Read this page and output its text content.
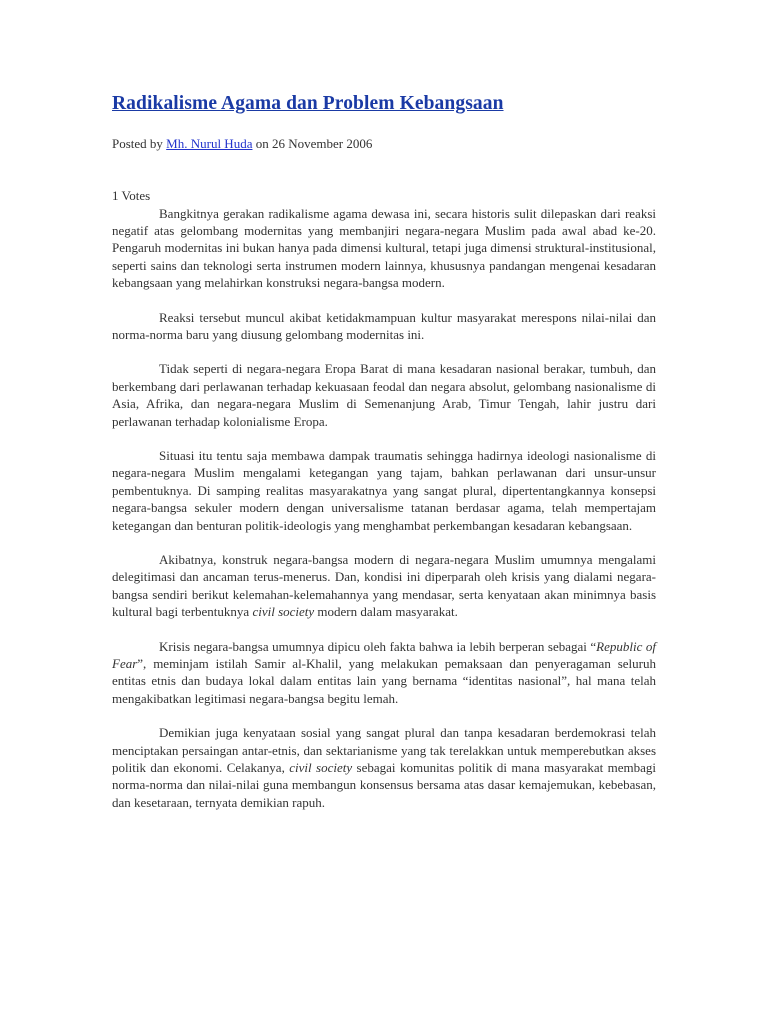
Radikalisme Agama dan Problem Kebangsaan
Posted by Mh. Nurul Huda on 26 November 2006
1 Votes

Bangkitnya gerakan radikalisme agama dewasa ini, secara historis sulit dilepaskan dari reaksi negatif atas gelombang modernitas yang membanjiri negara-negara Muslim pada awal abad ke-20. Pengaruh modernitas ini bukan hanya pada dimensi kultural, tetapi juga dimensi struktural-institusional, seperti sains dan teknologi serta instrumen modern lainnya, khususnya pandangan mengenai kesadaran kebangsaan yang melahirkan konstruksi negara-bangsa modern.

Reaksi tersebut muncul akibat ketidakmampuan kultur masyarakat merespons nilai-nilai dan norma-norma baru yang diusung gelombang modernitas ini.

Tidak seperti di negara-negara Eropa Barat di mana kesadaran nasional berakar, tumbuh, dan berkembang dari perlawanan terhadap kekuasaan feodal dan negara absolut, gelombang nasionalisme di Asia, Afrika, dan negara-negara Muslim di Semenanjung Arab, Timur Tengah, lahir justru dari perlawanan terhadap kolonialisme Eropa.

Situasi itu tentu saja membawa dampak traumatis sehingga hadirnya ideologi nasionalisme di negara-negara Muslim mengalami ketegangan yang tajam, bahkan perlawanan dari unsur-unsur pembentuknya. Di samping realitas masyarakatnya yang sangat plural, dipertentangkannya konsepsi negara-bangsa sekuler modern dengan universalisme tatanan berdasar agama, telah mempertajam ketegangan dan benturan politik-ideologis yang menghambat perkembangan kesadaran kebangsaan.

Akibatnya, konstruk negara-bangsa modern di negara-negara Muslim umumnya mengalami delegitimasi dan ancaman terus-menerus. Dan, kondisi ini diperparah oleh krisis yang dialami negara-bangsa sendiri berikut kelemahan-kelemahannya yang mendasar, serta kenyataan akan minimnya basis kultural bagi terbentuknya civil society modern dalam masyarakat.

Krisis negara-bangsa umumnya dipicu oleh fakta bahwa ia lebih berperan sebagai “Republic of Fear”, meminjam istilah Samir al-Khalil, yang melakukan pemaksaan dan penyeragaman seluruh entitas etnis dan budaya lokal dalam entitas lain yang bernama “identitas nasional”, hal mana telah mengakibatkan legitimasi negara-bangsa begitu lemah.

Demikian juga kenyataan sosial yang sangat plural dan tanpa kesadaran berdemokrasi telah menciptakan persaingan antar-etnis, dan sektarianisme yang tak terelakkan untuk memperebutkan akses politik dan ekonomi. Celakanya, civil society sebagai komunitas politik di mana masyarakat membagi norma-norma dan nilai-nilai guna membangun konsensus bersama atas dasar kemajemukan, kebebasan, dan kesetaraan, ternyata demikian rapuh.
